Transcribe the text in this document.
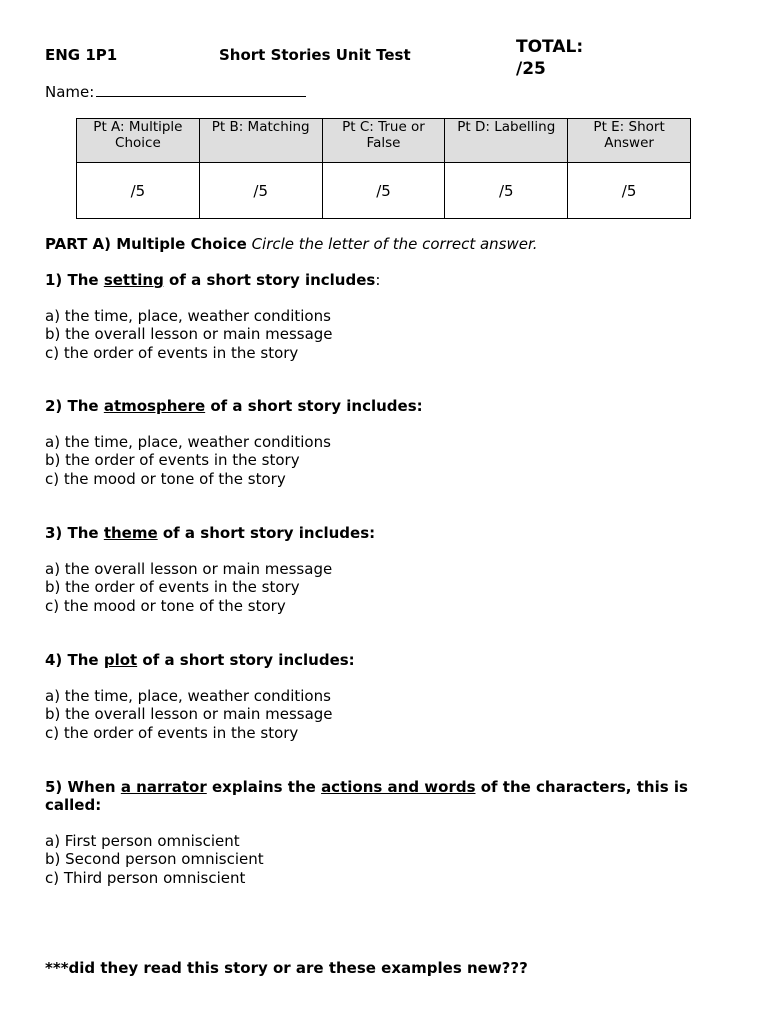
ENG 1P1	Short Stories Unit Test	TOTAL:
/25
Name:
Pt A: Multiple Choice	Pt B: Matching	Pt C: True or False	Pt D: Labelling	Pt E: Short Answer
/5	/5	/5	/5	/5
PART A) Multiple Choice Circle the letter of the correct answer.
1) The setting of a short story includes:
a) the time, place, weather conditions
b) the overall lesson or main message
c) the order of events in the story
2) The atmosphere of a short story includes:
a) the time, place, weather conditions
b) the order of events in the story
c) the mood or tone of the story
3) The theme of a short story includes:
a) the overall lesson or main message
b) the order of events in the story
c) the mood or tone of the story
4) The plot of a short story includes:
a) the time, place, weather conditions
b) the overall lesson or main message
c) the order of events in the story
5) When a narrator explains the actions and words of the characters, this is called:
a) First person omniscient
b) Second person omniscient
c) Third person omniscient
***did they read this story or are these examples new???
